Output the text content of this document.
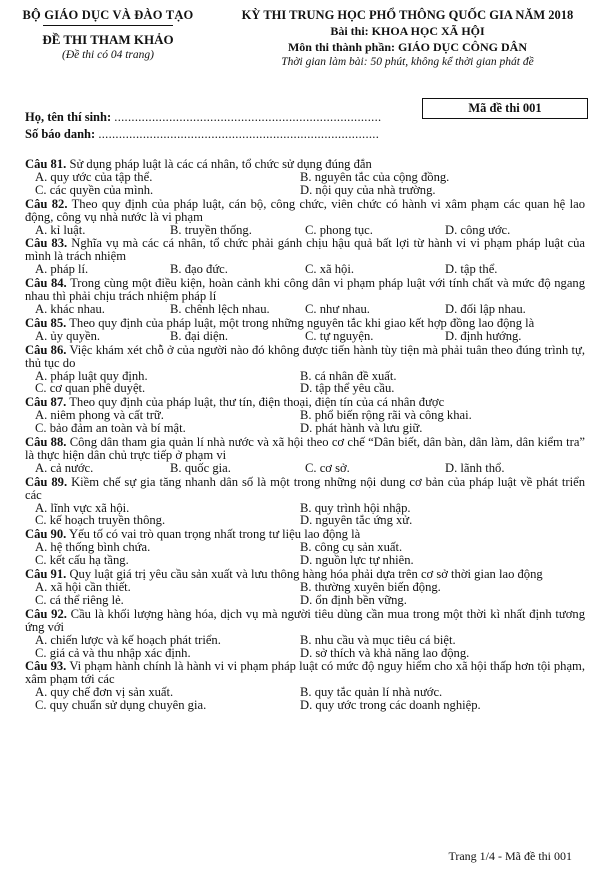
BỘ GIÁO DỤC VÀ ĐÀO TẠO
ĐỀ THI THAM KHẢO
(Đề thi có 04 trang)
KỲ THI TRUNG HỌC PHỔ THÔNG QUỐC GIA NĂM 2018
Bài thi: KHOA HỌC XÃ HỘI
Môn thi thành phần: GIÁO DỤC CÔNG DÂN
Thời gian làm bài: 50 phút, không kể thời gian phát đề
Họ, tên thí sinh: ..............................................................................
Số báo danh: ..................................................................................
Mã đề thi 001
Câu 81. Sử dụng pháp luật là các cá nhân, tổ chức sử dụng đúng đắn
A. quy ước của tập thể.	B. nguyên tắc của cộng đồng.
C. các quyền của mình.	D. nội quy của nhà trường.
Câu 82. Theo quy định của pháp luật, cán bộ, công chức, viên chức có hành vi xâm phạm các quan hệ lao động, công vụ nhà nước là vi phạm
A. kỉ luật.	B. truyền thống.	C. phong tục.	D. công ước.
Câu 83. Nghĩa vụ mà các cá nhân, tổ chức phải gánh chịu hậu quả bất lợi từ hành vi vi phạm pháp luật của mình là trách nhiệm
A. pháp lí.	B. đạo đức.	C. xã hội.	D. tập thể.
Câu 84. Trong cùng một điều kiện, hoàn cảnh khi công dân vi phạm pháp luật với tính chất và mức độ ngang nhau thì phải chịu trách nhiệm pháp lí
A. khác nhau.	B. chênh lệch nhau.	C. như nhau.	D. đối lập nhau.
Câu 85. Theo quy định của pháp luật, một trong những nguyên tắc khi giao kết hợp đồng lao động là
A. ủy quyền.	B. đại diện.	C. tự nguyện.	D. định hướng.
Câu 86. Việc khám xét chỗ ở của người nào đó không được tiến hành tùy tiện mà phải tuân theo đúng trình tự, thủ tục do
A. pháp luật quy định.	B. cá nhân đề xuất.
C. cơ quan phê duyệt.	D. tập thể yêu cầu.
Câu 87. Theo quy định của pháp luật, thư tín, điện thoại, điện tín của cá nhân được
A. niêm phong và cất trữ.	B. phổ biến rộng rãi và công khai.
C. bảo đảm an toàn và bí mật.	D. phát hành và lưu giữ.
Câu 88. Công dân tham gia quản lí nhà nước và xã hội theo cơ chế “Dân biết, dân bàn, dân làm, dân kiểm tra” là thực hiện dân chủ trực tiếp ở phạm vi
A. cả nước.	B. quốc gia.	C. cơ sở.	D. lãnh thổ.
Câu 89. Kiềm chế sự gia tăng nhanh dân số là một trong những nội dung cơ bản của pháp luật về phát triển các
A. lĩnh vực xã hội.	B. quy trình hội nhập.
C. kế hoạch truyền thông.	D. nguyên tắc ứng xử.
Câu 90. Yếu tố có vai trò quan trọng nhất trong tư liệu lao động là
A. hệ thống bình chứa.	B. công cụ sản xuất.
C. kết cấu hạ tầng.	D. nguồn lực tự nhiên.
Câu 91. Quy luật giá trị yêu cầu sản xuất và lưu thông hàng hóa phải dựa trên cơ sở thời gian lao động
A. xã hội cần thiết.	B. thường xuyên biến động.
C. cá thể riêng lẻ.	D. ổn định bền vững.
Câu 92. Cầu là khối lượng hàng hóa, dịch vụ mà người tiêu dùng cần mua trong một thời kì nhất định tương ứng với
A. chiến lược và kế hoạch phát triển.	B. nhu cầu và mục tiêu cá biệt.
C. giá cả và thu nhập xác định.	D. sở thích và khả năng lao động.
Câu 93. Vi phạm hành chính là hành vi vi phạm pháp luật có mức độ nguy hiểm cho xã hội thấp hơn tội phạm, xâm phạm tới các
A. quy chế đơn vị sản xuất.	B. quy tắc quản lí nhà nước.
C. quy chuẩn sử dụng chuyên gia.	D. quy ước trong các doanh nghiệp.
Trang 1/4 - Mã đề thi 001
